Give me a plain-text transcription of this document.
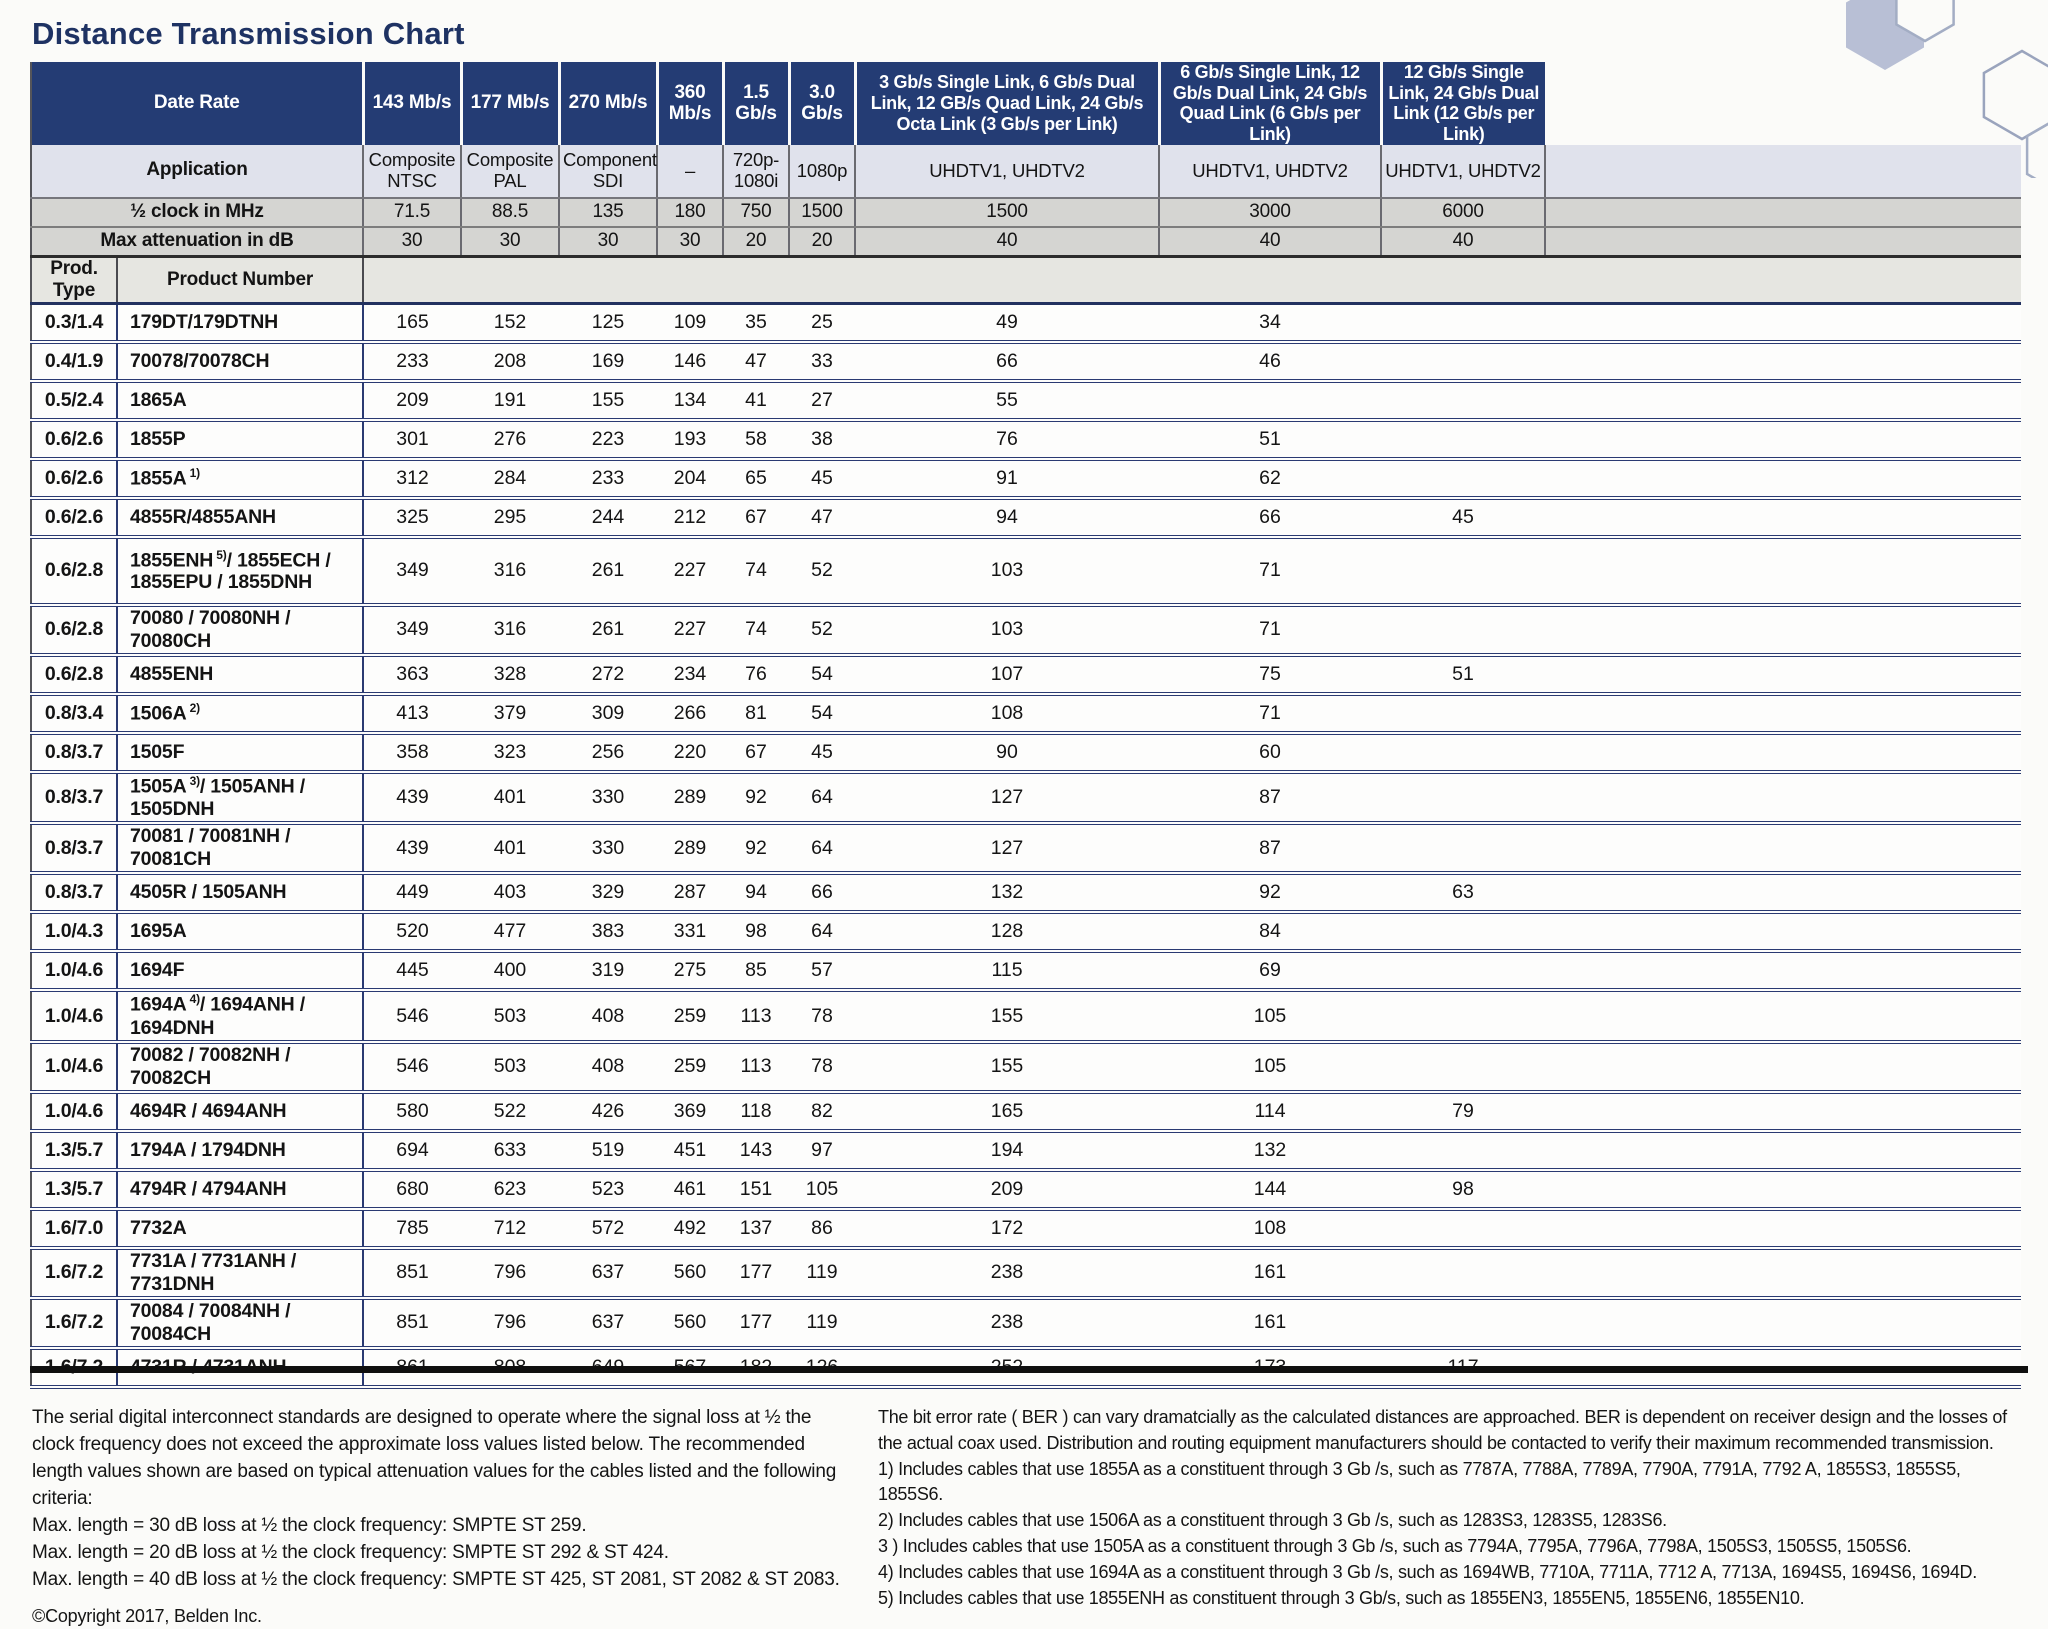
Distance Transmission Chart
Date Rate		143 Mb/s	177 Mb/s	270 Mb/s	360 Mb/s	1.5 Gb/s	3.0 Gb/s	3 Gb/s Single Link, 6 Gb/s Dual Link, 12 GB/s Quad Link, 24 Gb/s Octa Link (3 Gb/s per Link)	6 Gb/s Single Link, 12 Gb/s Dual Link, 24 Gb/s Quad Link (6 Gb/s per Link)	12 Gb/s Single Link, 24 Gb/s Dual Link (12 Gb/s per Link)	
Application		Composite NTSC	Composite PAL	Component SDI	–	720p-1080i	1080p	UHDTV1, UHDTV2	UHDTV1, UHDTV2	UHDTV1, UHDTV2	
½ clock in MHz		71.5	88.5	135	180	750	1500	1500	3000	6000	
Max attenuation in dB		30	30	30	30	20	20	40	40	40	
Prod. Type	Product Number										
0.3/1.4	179DT/179DTNH	165	152	125	109	35	25	49	34		
0.4/1.9	70078/70078CH	233	208	169	146	47	33	66	46		
0.5/2.4	1865A	209	191	155	134	41	27	55			
0.6/2.6	1855P	301	276	223	193	58	38	76	51		
0.6/2.6	1855A $^{1)}$	312	284	233	204	65	45	91	62		
0.6/2.6	4855R/4855ANH	325	295	244	212	67	47	94	66	45	
0.6/2.8	1855ENH $^{5)}$/ 1855ECH / 1855EPU / 1855DNH	349	316	261	227	74	52	103	71		
0.6/2.8	70080 / 70080NH / 70080CH	349	316	261	227	74	52	103	71		
0.6/2.8	4855ENH	363	328	272	234	76	54	107	75	51	
0.8/3.4	1506A $^{2)}$	413	379	309	266	81	54	108	71		
0.8/3.7	1505F	358	323	256	220	67	45	90	60		
0.8/3.7	1505A $^{3)}$/ 1505ANH / 1505DNH	439	401	330	289	92	64	127	87		
0.8/3.7	70081 / 70081NH / 70081CH	439	401	330	289	92	64	127	87		
0.8/3.7	4505R / 1505ANH	449	403	329	287	94	66	132	92	63	
1.0/4.3	1695A	520	477	383	331	98	64	128	84		
1.0/4.6	1694F	445	400	319	275	85	57	115	69		
1.0/4.6	1694A $^{4)}$/ 1694ANH / 1694DNH	546	503	408	259	113	78	155	105		
1.0/4.6	70082 / 70082NH / 70082CH	546	503	408	259	113	78	155	105		
1.0/4.6	4694R / 4694ANH	580	522	426	369	118	82	165	114	79	
1.3/5.7	1794A / 1794DNH	694	633	519	451	143	97	194	132		
1.3/5.7	4794R / 4794ANH	680	623	523	461	151	105	209	144	98	
1.6/7.0	7732A	785	712	572	492	137	86	172	108		
1.6/7.2	7731A / 7731ANH / 7731DNH	851	796	637	560	177	119	238	161		
1.6/7.2	70084 / 70084NH / 70084CH	851	796	637	560	177	119	238	161		

The serial digital interconnect standards are designed to operate where the signal loss at ½ the clock frequency does not exceed the approximate loss values listed below. The recommended length values shown are based on typical attenuation values for the cables listed and the following criteria:
Max. length = 30 dB loss at ½ the clock frequency: SMPTE ST 259.
Max. length = 20 dB loss at ½ the clock frequency: SMPTE ST 292 & ST 424.
Max. length = 40 dB loss at ½ the clock frequency: SMPTE ST 425, ST 2081, ST 2082 & ST 2083.
©Copyright 2017, Belden Inc.
The bit error rate ( BER ) can vary dramatcially as the calculated distances are approached. BER is dependent on receiver design and the losses of the actual coax used. Distribution and routing equipment manufacturers should be contacted to verify their maximum recommended transmission.
1) Includes cables that use 1855A as a constituent through 3 Gb /s, such as 7787A, 7788A, 7789A, 7790A, 7791A, 7792 A, 1855S3, 1855S5, 1855S6.
2) Includes cables that use 1506A as a constituent through 3 Gb /s, such as 1283S3, 1283S5, 1283S6.
3 ) Includes cables that use 1505A as a constituent through 3 Gb /s, such as 7794A, 7795A, 7796A, 7798A, 1505S3, 1505S5, 1505S6.
4) Includes cables that use 1694A as a constituent through 3 Gb /s, such as 1694WB, 7710A, 7711A, 7712 A, 7713A, 1694S5, 1694S6, 1694D.
5) Includes cables that use 1855ENH as constituent through 3 Gb/s, such as 1855EN3, 1855EN5, 1855EN6, 1855EN10.
